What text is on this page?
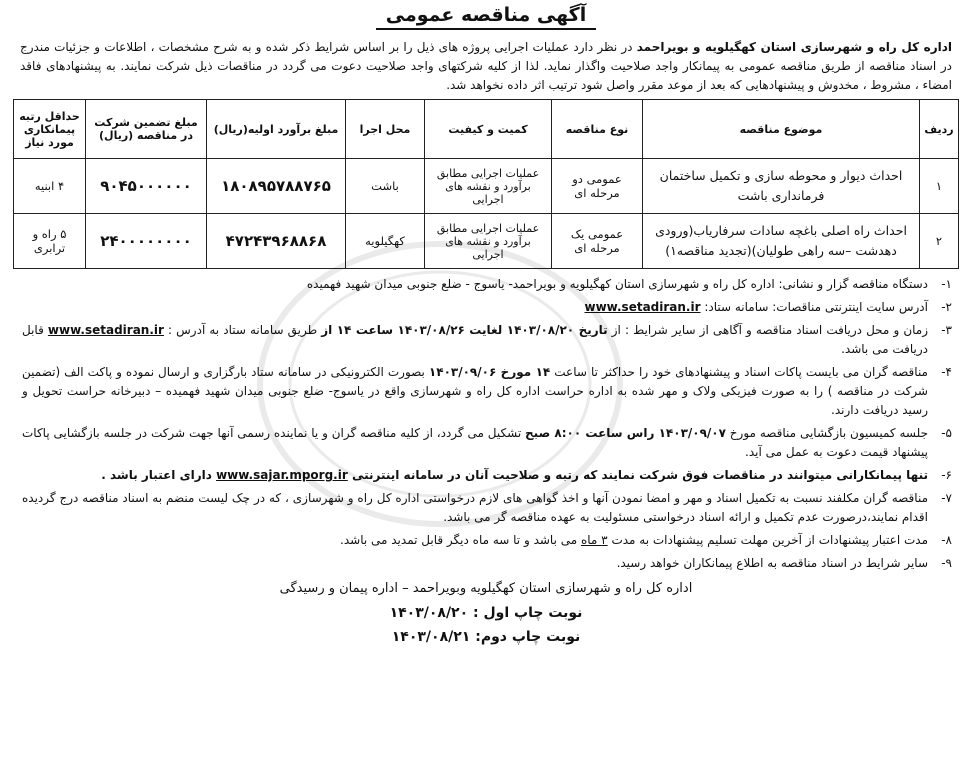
آگهی مناقصه عمومی
اداره کل راه و شهرسازی استان کهگیلویه و بویراحمد در نظر دارد عملیات اجرایی پروژه های ذیل را بر اساس شرایط ذکر شده و به شرح مشخصات ، اطلاعات و جزئیات مندرج در اسناد مناقصه از طریق مناقصه عمومی به پیمانکار واجد صلاحیت واگذار نماید. لذا از کلیه شرکتهای واجد صلاحیت دعوت می گردد در مناقصات ذیل شرکت نمایند. به پیشنهادهای فاقد امضاء ، مشروط ، مخدوش و پیشنهادهایی که بعد از موعد مقرر واصل شود ترتیب اثر داده نخواهد شد.
ردیف	موضوع مناقصه	نوع مناقصه	کمیت و کیفیت	محل اجرا	مبلغ برآورد اولیه(ریال)	مبلغ تضمین شرکت در مناقصه (ریال)	حداقل رتبه پیمانکاری مورد نیاز
۱	احداث دیوار و محوطه سازی و تکمیل ساختمان فرمانداری باشت	عمومی دو مرحله ای	عملیات اجرایی مطابق برآورد و نقشه های اجرایی	باشت	۱۸۰۸۹۵۷۸۸۷۶۵	۹۰۴۵۰۰۰۰۰۰	۴ ابنیه
۲	احداث راه اصلی باغچه سادات سرفاریاب(ورودی دهدشت –سه راهی طولیان)(تجدید مناقصه۱)	عمومی یک مرحله ای	عملیات اجرایی مطابق برآورد و نقشه های اجرایی	کهگیلویه	۴۷۲۴۳۹۶۸۸۶۸	۲۴۰۰۰۰۰۰۰۰	۵ راه و ترابری
۱-
دستگاه مناقصه گزار و نشانی: اداره کل راه و شهرسازی استان کهگیلویه و بویراحمد- یاسوج - ضلع جنوبی میدان شهید فهمیده
۲-
آدرس سایت اینترنتی مناقصات: سامانه ستاد: www.setadiran.ir
۳-
زمان و محل دریافت اسناد مناقصه و آگاهی از سایر شرایط : از تاریخ ۱۴۰۳/۰۸/۲۰ لغایت ۱۴۰۳/۰۸/۲۶ ساعت ۱۴ از طریق سامانه ستاد به آدرس : www.setadiran.ir قابل دریافت می باشد.
۴-
مناقصه گران می بایست پاکات اسناد و پیشنهادهای خود را حداکثر تا ساعت ۱۴ مورخ ۱۴۰۳/۰۹/۰۶ بصورت الکترونیکی در سامانه ستاد بارگزاری و ارسال نموده و پاکت الف (تضمین شرکت در مناقصه ) را به صورت فیزیکی ولاک و مهر شده به اداره حراست اداره کل راه و شهرسازی واقع در یاسوج- ضلع جنوبی میدان شهید فهمیده – دبیرخانه حراست تحویل و رسید دریافت دارند.
۵-
جلسه کمیسیون بازگشایی مناقصه مورخ ۱۴۰۳/۰۹/۰۷ راس ساعت ۸:۰۰ صبح تشکیل می گردد، از کلیه مناقصه گران و یا نماینده رسمی آنها جهت شرکت در جلسه بازگشایی پاکات پیشنهاد قیمت دعوت به عمل می آید.
۶-
تنها پیمانکارانی میتوانند در مناقصات فوق شرکت نمایند که رتبه و صلاحیت آنان در سامانه اینترنتی www.sajar.mporg.ir دارای اعتبار باشد .
۷-
مناقصه گران مکلفند نسبت به تکمیل اسناد و مهر و امضا نمودن آنها و اخذ گواهی های لازم درخواستی اداره کل راه و شهرسازی ، که در چک لیست منضم به اسناد مناقصه درج گردیده اقدام نمایند،درصورت عدم تکمیل و ارائه اسناد درخواستی مسئولیت به عهده مناقصه گر می باشد.
۸-
مدت اعتبار پیشنهادات از آخرین مهلت تسلیم پیشنهادات به مدت ۳ ماه می باشد و تا سه ماه دیگر قابل تمدید می باشد.
۹-
سایر شرایط در اسناد مناقصه به اطلاع پیمانکاران خواهد رسید.
اداره کل راه و شهرسازی استان کهگیلویه وبویراحمد – اداره پیمان و رسیدگی
نوبت چاپ اول : ۱۴۰۳/۰۸/۲۰
نوبت چاپ دوم: ۱۴۰۳/۰۸/۲۱
